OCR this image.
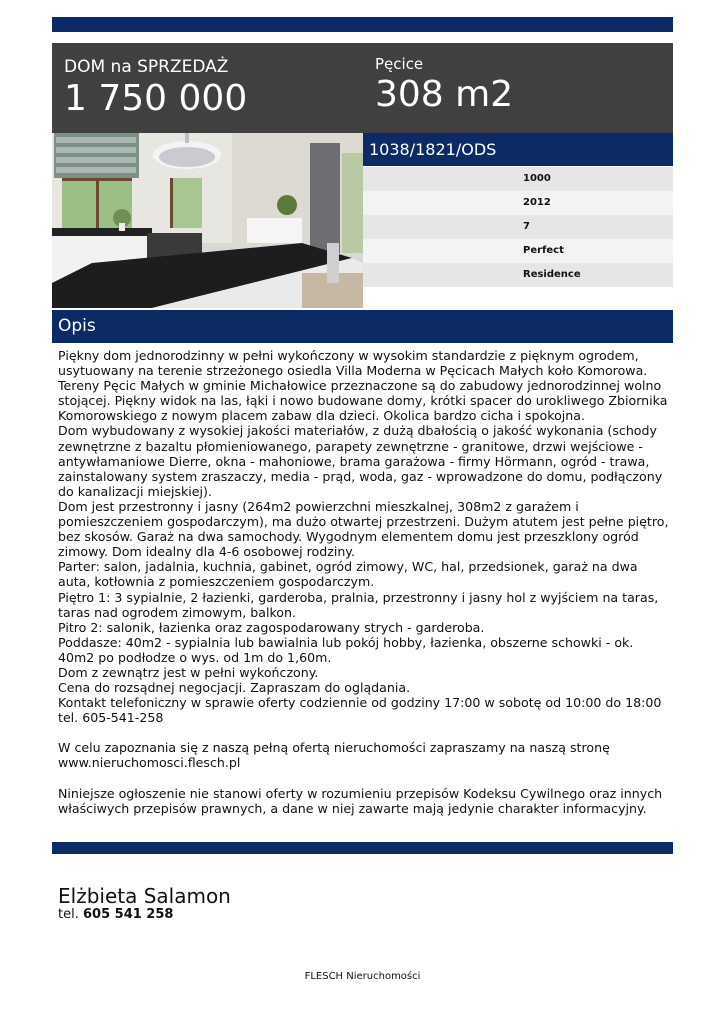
DOM na SPRZEDAŻ
1 750 000
Pęcice
308 m2
1038/1821/ODS
1000
2012
7
Perfect
Residence
Opis

Piękny dom jednorodzinny w pełni wykończony w wysokim standardzie z pięknym ogrodem, usytuowany na terenie strzeżonego osiedla Villa Moderna w Pęcicach Małych koło Komorowa.

Tereny Pęcic Małych w gminie Michałowice przeznaczone są do zabudowy jednorodzinnej wolno stojącej. Piękny widok na las, łąki i nowo budowane domy, krótki spacer do urokliwego Zbiornika Komorowskiego z nowym placem zabaw dla dzieci. Okolica bardzo cicha i spokojna.

Dom wybudowany z wysokiej jakości materiałów, z dużą dbałością o jakość wykonania (schody zewnętrzne z bazaltu płomieniowanego, parapety zewnętrzne - granitowe, drzwi wejściowe - antywłamaniowe Dierre, okna - mahoniowe, brama garażowa - firmy Hörmann, ogród - trawa, zainstalowany system zraszaczy, media - prąd, woda, gaz - wprowadzone do domu, podłączony do kanalizacji miejskiej).

Dom jest przestronny i jasny (264m2 powierzchni mieszkalnej, 308m2 z garażem i pomieszczeniem gospodarczym), ma dużo otwartej przestrzeni. Dużym atutem jest pełne piętro, bez skosów. Garaż na dwa samochody. Wygodnym elementem domu jest przeszklony ogród zimowy. Dom idealny dla 4-6 osobowej rodziny.

Parter: salon, jadalnia, kuchnia, gabinet, ogród zimowy, WC, hal, przedsionek, garaż na dwa auta, kotłownia z pomieszczeniem gospodarczym.

Piętro 1: 3 sypialnie, 2 łazienki, garderoba, pralnia, przestronny i jasny hol z wyjściem na taras, taras nad ogrodem zimowym, balkon.

Pitro 2: salonik, łazienka oraz zagospodarowany strych - garderoba.

Poddasze: 40m2 - sypialnia lub bawialnia lub pokój hobby, łazienka, obszerne schowki - ok. 40m2 po podłodze o wys. od 1m do 1,60m.

Dom z zewnątrz jest w pełni wykończony.

Cena do rozsądnej negocjacji. Zapraszam do oglądania.

Kontakt telefoniczny w sprawie oferty codziennie od godziny 17:00 w sobotę od 10:00 do 18:00 tel. 605-541-258

W celu zapoznania się z naszą pełną ofertą nieruchomości zapraszamy na naszą stronę www.nieruchomosci.flesch.pl

Niniejsze ogłoszenie nie stanowi oferty w rozumieniu przepisów Kodeksu Cywilnego oraz innych właściwych przepisów prawnych, a dane w niej zawarte mają jedynie charakter informacyjny.

Elżbieta Salamon
tel. 605 541 258
FLESCH Nieruchomości
